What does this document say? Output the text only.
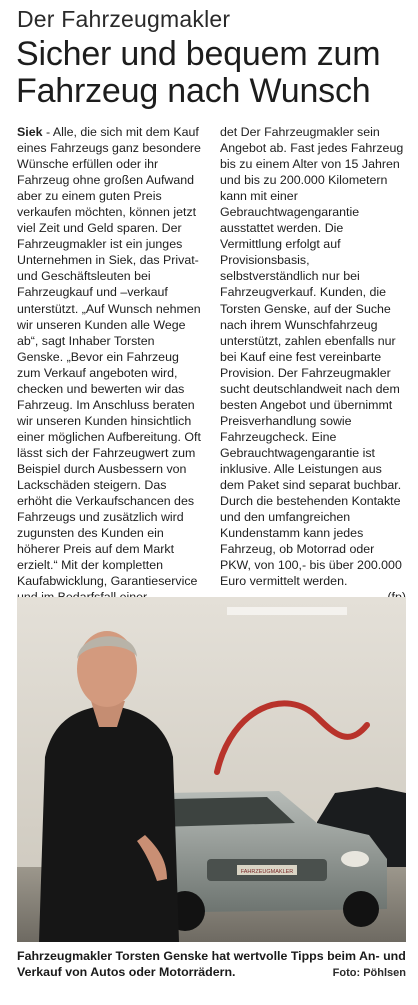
Der Fahrzeugmakler
Sicher und bequem zum Fahrzeug nach Wunsch

Siek - Alle, die sich mit dem Kauf eines Fahrzeugs ganz besondere Wünsche erfüllen oder ihr Fahrzeug ohne großen Aufwand aber zu einem guten Preis verkaufen möchten, können jetzt viel Zeit und Geld sparen. Der Fahrzeugmakler ist ein junges Unternehmen in Siek, das Privat- und Geschäftsleuten bei Fahrzeugkauf und –verkauf unterstützt. „Auf Wunsch nehmen wir unseren Kunden alle Wege ab“, sagt Inhaber Torsten Genske. „Bevor ein Fahrzeug zum Verkauf angeboten wird, checken und bewerten wir das Fahrzeug. Im Anschluss beraten wir unseren Kunden hinsichtlich einer möglichen Aufbereitung. Oft lässt sich der Fahrzeugwert zum Beispiel durch Ausbessern von Lackschäden steigern. Das erhöht die Verkaufschancen des Fahrzeugs und zusätzlich wird zugunsten des Kunden ein höherer Preis auf dem Markt erzielt.“ Mit der kompletten Kaufabwicklung, Garantieservice

det Der Fahrzeugmakler sein Angebot ab. Fast jedes Fahrzeug bis zu einem Alter von 15 Jahren und bis zu 200.000 Kilometern kann mit einer Gebrauchtwagengarantie ausstattet werden. Die Vermittlung erfolgt auf Provisionsbasis, selbstverständlich nur bei Fahrzeugverkauf. Kunden, die Torsten Genske, auf der Suche nach ihrem Wunschfahrzeug unterstützt, zahlen ebenfalls nur bei Kauf eine fest vereinbarte Provision. Der Fahrzeugmakler sucht deutschlandweit nach dem besten Angebot und übernimmt Preisverhandlung sowie Fahrzeugcheck. Eine Gebrauchtwagengarantie ist inklusive. Alle Leistungen aus dem Paket sind separat buchbar. Durch die bestehenden Kontakte und den umfangreichen Kundenstamm kann jedes Fahrzeug, ob Motorrad oder PKW, von 100,- bis über 200.000 Euro vermittelt werden.

FAHRZEUGMAKLER
Fahrzeugmakler Torsten Genske hat wertvolle Tipps beim An- und Verkauf von Autos oder Motorrädern.	Foto: Pöhlsen
